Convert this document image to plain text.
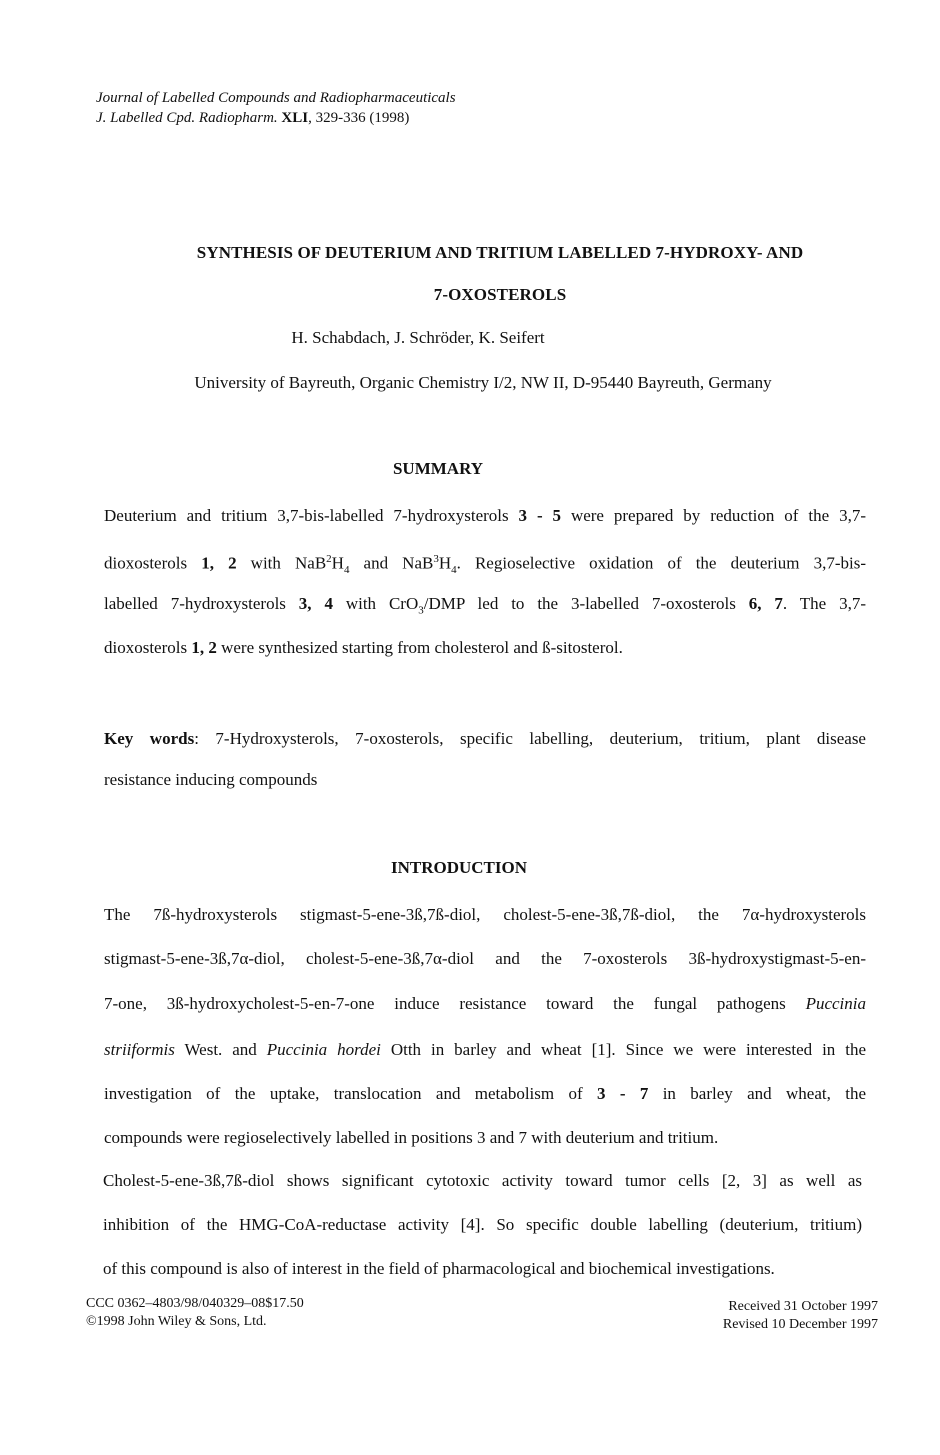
Journal of Labelled Compounds and Radiopharmaceuticals
J. Labelled Cpd. Radiopharm. XLI, 329-336 (1998)
SYNTHESIS OF DEUTERIUM AND TRITIUM LABELLED 7-HYDROXY- AND
7-OXOSTEROLS
H. Schabdach, J. Schröder, K. Seifert
University of Bayreuth, Organic Chemistry I/2, NW II, D-95440 Bayreuth, Germany
SUMMARY
Deuterium and tritium 3,7-bis-labelled 7-hydroxysterols 3 - 5 were prepared by reduction of the 3,7-
dioxosterols 1, 2 with $NaB^2H_4$ and $NaB^3H_4$. Regioselective oxidation of the deuterium 3,7-bis-
labelled 7-hydroxysterols 3, 4 with CrO$_3$/DMP led to the 3-labelled 7-oxosterols 6, 7. The 3,7-
dioxosterols 1, 2 were synthesized starting from cholesterol and ß-sitosterol.
Key words: 7-Hydroxysterols, 7-oxosterols, specific labelling, deuterium, tritium, plant disease
resistance inducing compounds
INTRODUCTION
The 7ß-hydroxysterols stigmast-5-ene-3ß,7ß-diol, cholest-5-ene-3ß,7ß-diol, the 7α-hydroxysterols
stigmast-5-ene-3ß,7α-diol, cholest-5-ene-3ß,7α-diol and the 7-oxosterols 3ß-hydroxystigmast-5-en-
7-one, 3ß-hydroxycholest-5-en-7-one induce resistance toward the fungal pathogens Puccinia
striiformis West. and Puccinia hordei Otth in barley and wheat [1]. Since we were interested in the
investigation of the uptake, translocation and metabolism of 3 - 7 in barley and wheat, the
compounds were regioselectively labelled in positions 3 and 7 with deuterium and tritium.
Cholest-5-ene-3ß,7ß-diol shows significant cytotoxic activity toward tumor cells [2, 3] as well as
inhibition of the HMG-CoA-reductase activity [4]. So specific double labelling (deuterium, tritium)
of this compound is also of interest in the field of pharmacological and biochemical investigations.
CCC 0362–4803/98/040329–08$17.50
©1998 John Wiley & Sons, Ltd.
Received 31 October 1997
Revised 10 December 1997
